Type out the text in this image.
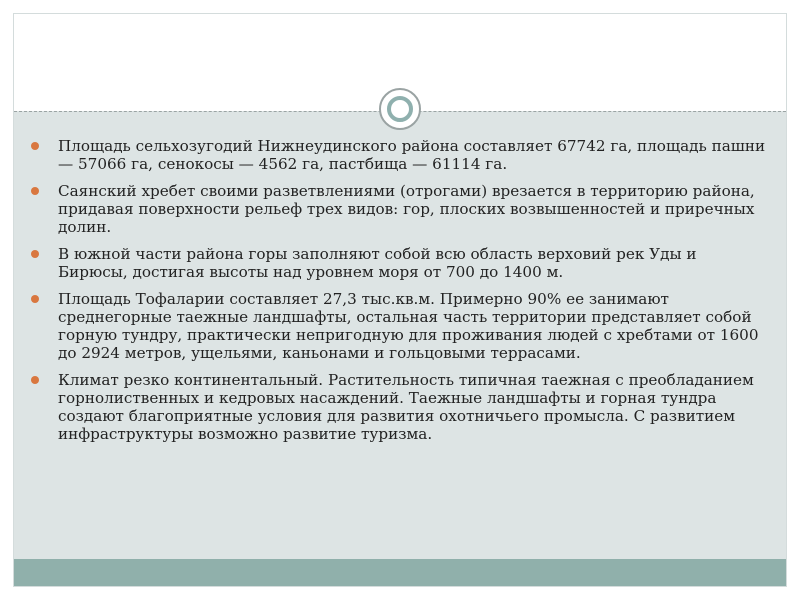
Площадь сельхозугодий Нижнеудинского района составляет 67742 га, площадь пашни — 57066 га, сенокосы — 4562 га, пастбища — 61114 га.
Саянский хребет своими разветвлениями (отрогами) врезается в территорию района, придавая поверхности рельеф трех видов: гор, плоских возвышенностей и приречных долин.
В южной части района горы заполняют собой всю область верховий рек Уды и Бирюсы, достигая высоты над уровнем моря от 700 до 1400 м.
Площадь Тофаларии составляет 27,3 тыс.кв.м. Примерно 90% ее занимают среднегорные таежные ландшафты, остальная часть территории представляет собой горную тундру, практически непригодную для проживания людей с хребтами от 1600 до 2924 метров, ущельями, каньонами и гольцовыми террасами.
Климат резко континентальный. Растительность типичная таежная с преобладанием горнолиственных и кедровых насаждений. Таежные ландшафты и горная тундра создают благоприятные условия для развития охотничьего промысла. С развитием инфраструктуры возможно развитие туризма.
